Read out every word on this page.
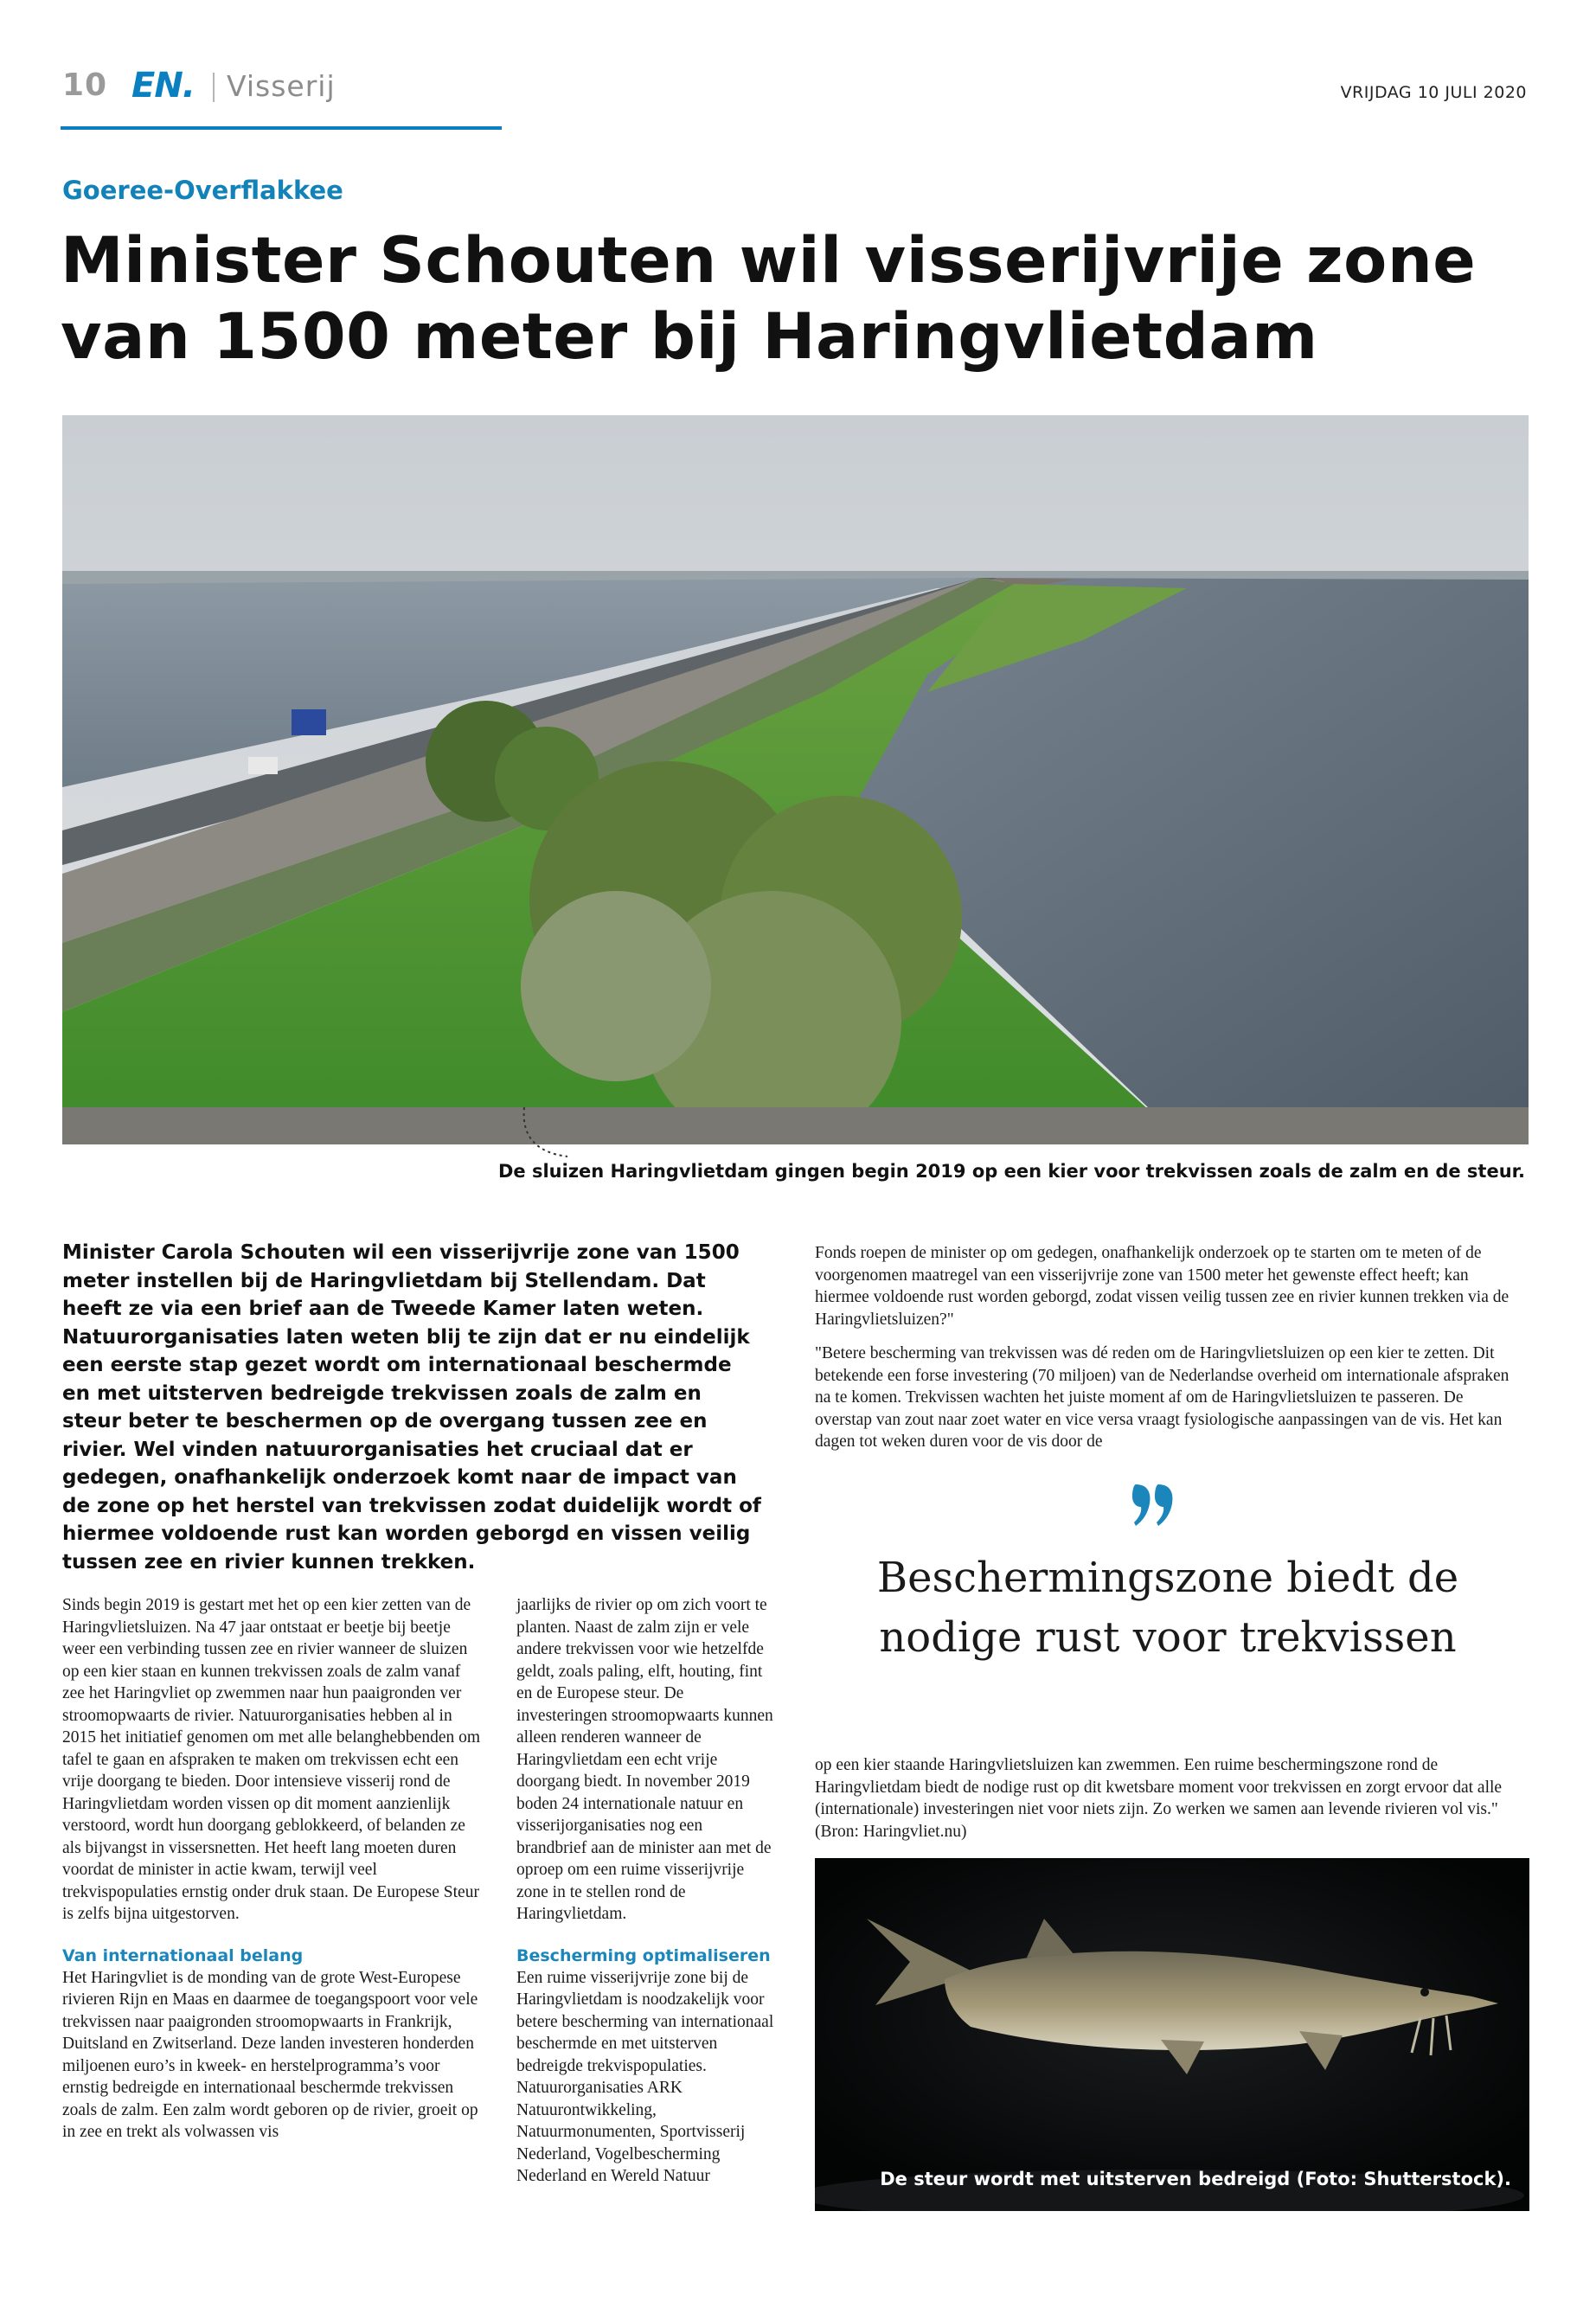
10 EN. Visserij	VRIJDAG 10 JULI 2020
Goeree-Overflakkee
Minister Schouten wil visserijvrije zone van 1500 meter bij Haringvlietdam
De sluizen Haringvlietdam gingen begin 2019 op een kier voor trekvissen zoals de zalm en de steur.

Minister Carola Schouten wil een visserijvrije zone van 1500 meter instellen bij de Haringvlietdam bij Stellendam. Dat heeft ze via een brief aan de Tweede Kamer laten weten. Natuurorganisaties laten weten blij te zijn dat er nu eindelijk een eerste stap gezet wordt om internationaal beschermde en met uitsterven bedreigde trekvissen zoals de zalm en steur beter te beschermen op de overgang tussen zee en rivier. Wel vinden natuurorganisaties het cruciaal dat er gedegen, onafhankelijk onderzoek komt naar de impact van de zone op het herstel van trekvissen zodat duidelijk wordt of hiermee voldoende rust kan worden geborgd en vissen veilig tussen zee en rivier kunnen trekken.

Sinds begin 2019 is gestart met het op een kier zetten van de Haringvlietsluizen. Na 47 jaar ontstaat er beetje bij beetje weer een verbinding tussen zee en rivier wanneer de sluizen op een kier staan en kunnen trekvissen zoals de zalm vanaf zee het Haringvliet op zwemmen naar hun paaigronden ver stroomopwaarts de rivier. Natuurorganisaties hebben al in 2015 het initiatief genomen om met alle belanghebbenden om tafel te gaan en afspraken te maken om trekvissen echt een vrije doorgang te bieden. Door intensieve visserij rond de Haringvlietdam worden vissen op dit moment aanzienlijk verstoord, wordt hun doorgang geblokkeerd, of belanden ze als bijvangst in vissersnetten. Het heeft lang moeten duren voordat de minister in actie kwam, terwijl veel trekvispopulaties ernstig onder druk staan. De Europese Steur is zelfs bijna uitgestorven.

Van internationaal belang

Het Haringvliet is de monding van de grote West-Europese rivieren Rijn en Maas en daarmee de toegangspoort voor vele trekvissen naar paaigronden stroomopwaarts in Frankrijk, Duitsland en Zwitserland. Deze landen investeren honderden miljoenen euro’s in kweek- en herstelprogramma’s voor ernstig bedreigde en internationaal beschermde trekvissen zoals de zalm. Een zalm wordt geboren op de rivier, groeit op in zee en trekt als volwassen vis

jaarlijks de rivier op om zich voort te planten. Naast de zalm zijn er vele andere trekvissen voor wie hetzelfde geldt, zoals paling, elft, houting, fint en de Europese steur. De investeringen stroomopwaarts kunnen alleen renderen wanneer de Haringvlietdam een echt vrije doorgang biedt. In november 2019 boden 24 internationale natuur en visserijorganisaties nog een brandbrief aan de minister aan met de oproep om een ruime visserijvrije zone in te stellen rond de Haringvlietdam.

Bescherming optimaliseren

Een ruime visserijvrije zone bij de Haringvlietdam is noodzakelijk voor betere bescherming van internationaal beschermde en met uitsterven bedreigde trekvispopulaties. Natuurorganisaties ARK Natuurontwikkeling, Natuurmonumenten, Sportvisserij Nederland, Vogelbescherming Nederland en Wereld Natuur

Fonds roepen de minister op om gedegen, onafhankelijk onderzoek op te starten om te meten of de voorgenomen maatregel van een visserijvrije zone van 1500 meter het gewenste effect heeft; kan hiermee voldoende rust worden geborgd, zodat vissen veilig tussen zee en rivier kunnen trekken via de Haringvlietsluizen?"

"Betere bescherming van trekvissen was dé reden om de Haringvlietsluizen op een kier te zetten. Dit betekende een forse investering (70 miljoen) van de Nederlandse overheid om internationale afspraken na te komen. Trekvissen wachten het juiste moment af om de Haringvlietsluizen te passeren. De overstap van zout naar zoet water en vice versa vraagt fysiologische aanpassingen van de vis. Het kan dagen tot weken duren voor de vis door de

Beschermingszone biedt de nodige rust voor trekvissen

op een kier staande Haringvlietsluizen kan zwemmen. Een ruime beschermingszone rond de Haringvlietdam biedt de nodige rust op dit kwetsbare moment voor trekvissen en zorgt ervoor dat alle (internationale) investeringen niet voor niets zijn. Zo werken we samen aan levende rivieren vol vis." (Bron: Haringvliet.nu)

De steur wordt met uitsterven bedreigd (Foto: Shutterstock).
